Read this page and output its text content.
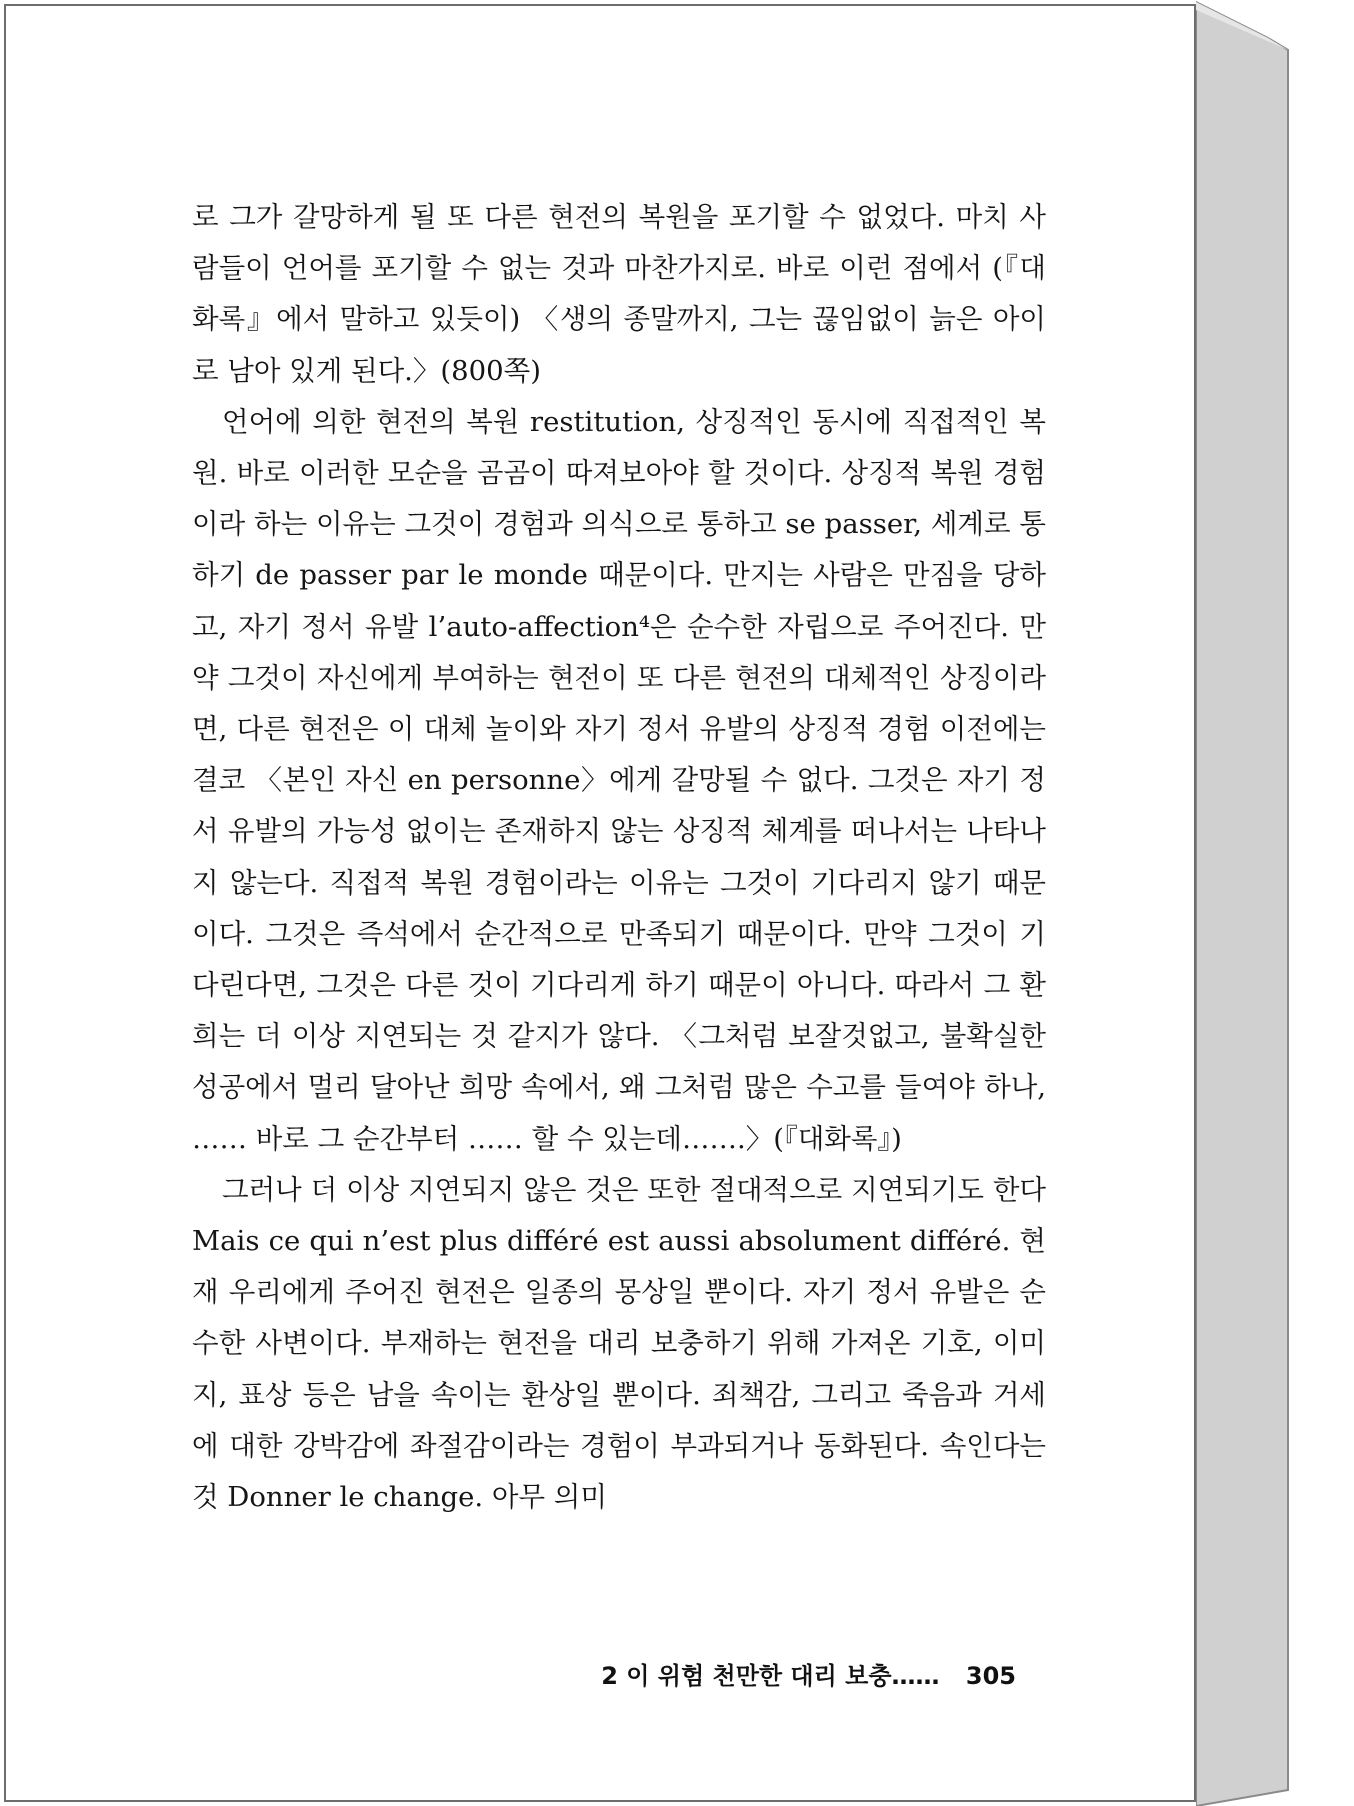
로 그가 갈망하게 될 또 다른 현전의 복원을 포기할 수 없었다. 마치 사람들이 언어를 포기할 수 없는 것과 마찬가지로. 바로 이런 점에서 (『대화록』에서 말하고 있듯이) 〈생의 종말까지, 그는 끊임없이 늙은 아이로 남아 있게 된다.〉(800쪽)

언어에 의한 현전의 복원 restitution, 상징적인 동시에 직접적인 복원. 바로 이러한 모순을 곰곰이 따져보아야 할 것이다. 상징적 복원 경험이라 하는 이유는 그것이 경험과 의식으로 통하고 se passer, 세계로 통하기 de passer par le monde 때문이다. 만지는 사람은 만짐을 당하고, 자기 정서 유발 l’auto-affection⁴은 순수한 자립으로 주어진다. 만약 그것이 자신에게 부여하는 현전이 또 다른 현전의 대체적인 상징이라면, 다른 현전은 이 대체 놀이와 자기 정서 유발의 상징적 경험 이전에는 결코 〈본인 자신 en personne〉에게 갈망될 수 없다. 그것은 자기 정서 유발의 가능성 없이는 존재하지 않는 상징적 체계를 떠나서는 나타나지 않는다. 직접적 복원 경험이라는 이유는 그것이 기다리지 않기 때문이다. 그것은 즉석에서 순간적으로 만족되기 때문이다. 만약 그것이 기다린다면, 그것은 다른 것이 기다리게 하기 때문이 아니다. 따라서 그 환희는 더 이상 지연되는 것 같지가 않다. 〈그처럼 보잘것없고, 불확실한 성공에서 멀리 달아난 희망 속에서, 왜 그처럼 많은 수고를 들여야 하나, …… 바로 그 순간부터 …… 할 수 있는데…….〉(『대화록』)

그러나 더 이상 지연되지 않은 것은 또한 절대적으로 지연되기도 한다 Mais ce qui n’est plus différé est aussi absolument différé. 현재 우리에게 주어진 현전은 일종의 몽상일 뿐이다. 자기 정서 유발은 순수한 사변이다. 부재하는 현전을 대리 보충하기 위해 가져온 기호, 이미지, 표상 등은 남을 속이는 환상일 뿐이다. 죄책감, 그리고 죽음과 거세에 대한 강박감에 좌절감이라는 경험이 부과되거나 동화된다. 속인다는 것 Donner le change. 아무 의미

2 이 위험 천만한 대리 보충…… 305
